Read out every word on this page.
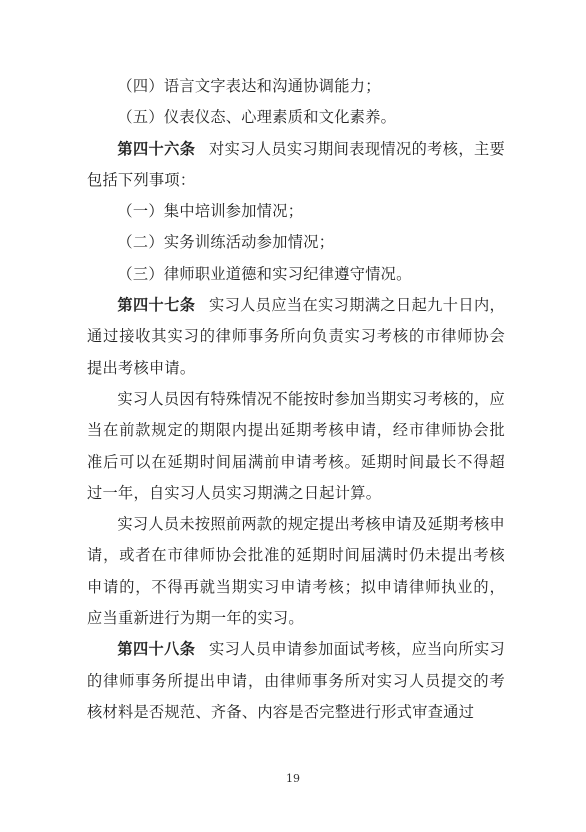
（四）语言文字表达和沟通协调能力；

（五）仪表仪态、心理素质和文化素养。

第四十六条 对实习人员实习期间表现情况的考核，主要包括下列事项：

（一）集中培训参加情况；

（二）实务训练活动参加情况；

（三）律师职业道德和实习纪律遵守情况。

第四十七条 实习人员应当在实习期满之日起九十日内，通过接收其实习的律师事务所向负责实习考核的市律师协会提出考核申请。

实习人员因有特殊情况不能按时参加当期实习考核的，应当在前款规定的期限内提出延期考核申请，经市律师协会批准后可以在延期时间届满前申请考核。延期时间最长不得超过一年，自实习人员实习期满之日起计算。

实习人员未按照前两款的规定提出考核申请及延期考核申请，或者在市律师协会批准的延期时间届满时仍未提出考核申请的，不得再就当期实习申请考核；拟申请律师执业的，应当重新进行为期一年的实习。

第四十八条 实习人员申请参加面试考核，应当向所实习的律师事务所提出申请，由律师事务所对实习人员提交的考核材料是否规范、齐备、内容是否完整进行形式审查通过

19
